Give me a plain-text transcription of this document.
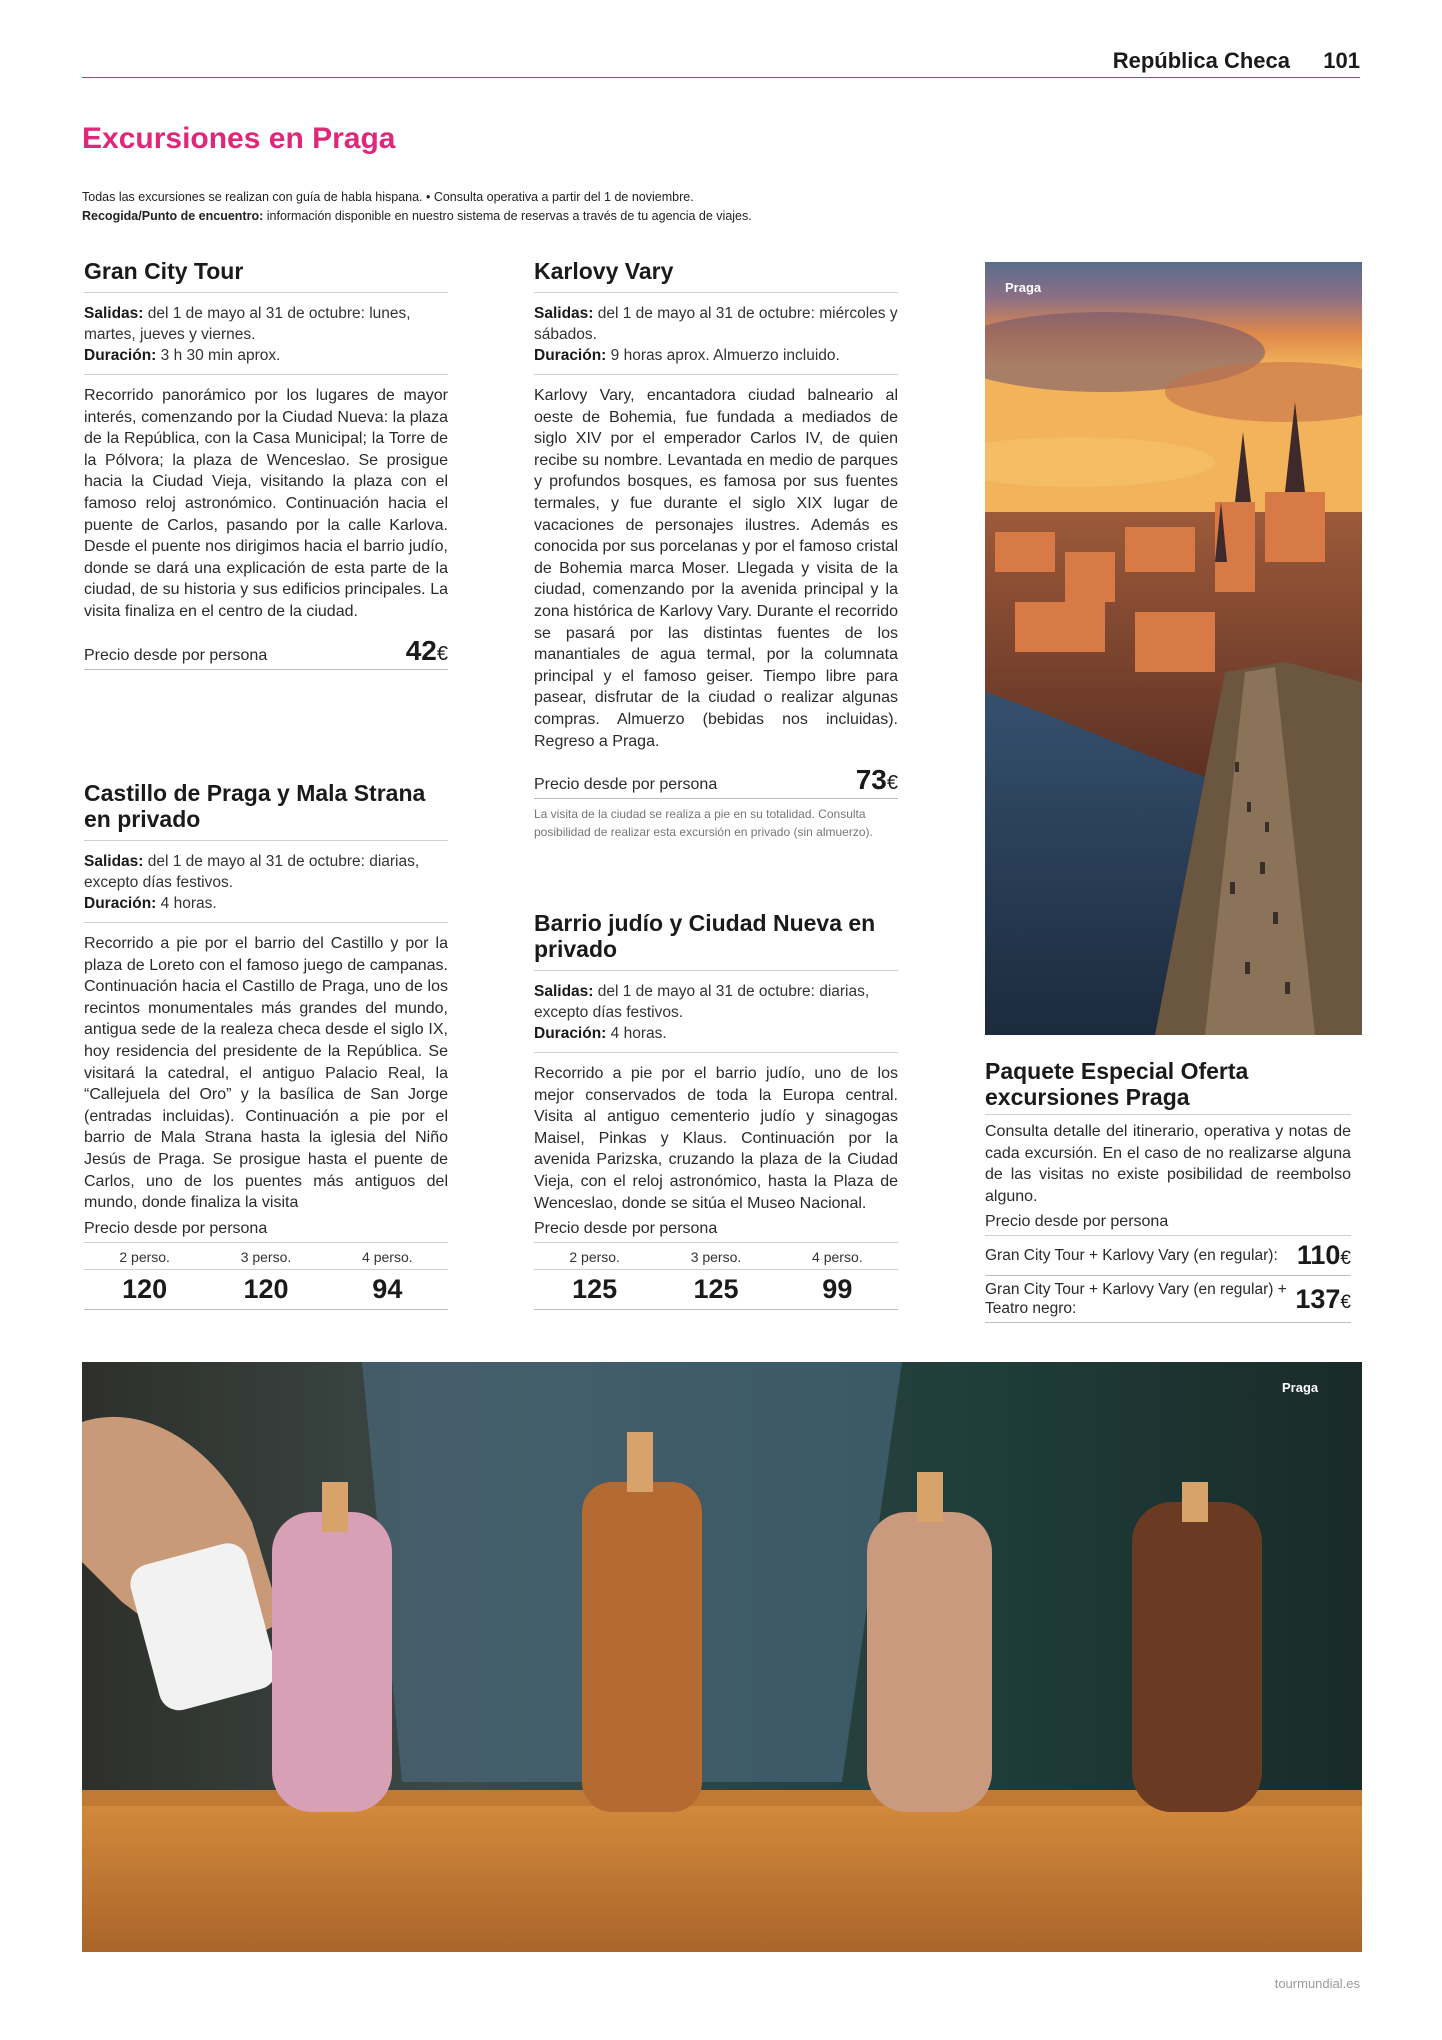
República Checa	101
Excursiones en Praga
Todas las excursiones se realizan con guía de habla hispana. • Consulta operativa a partir del 1 de noviembre.
Recogida/Punto de encuentro: información disponible en nuestro sistema de reservas a través de tu agencia de viajes.
Gran City Tour

Salidas: del 1 de mayo al 31 de octubre: lunes, martes, jueves y viernes.

Duración: 3 h 30 min aprox.

Recorrido panorámico por los lugares de mayor interés, comenzando por la Ciudad Nueva: la plaza de la República, con la Casa Municipal; la Torre de la Pólvora; la plaza de Wenceslao. Se prosigue hacia la Ciudad Vieja, visitando la plaza con el famoso reloj astronómico. Continuación hacia el puente de Carlos, pasando por la calle Karlova. Desde el puente nos dirigimos hacia el barrio judío, donde se dará una explicación de esta parte de la ciudad, de su historia y sus edificios principales. La visita finaliza en el centro de la ciudad.

Precio desde por persona	42€
Castillo de Praga y Mala Strana en privado

Salidas: del 1 de mayo al 31 de octubre: diarias, excepto días festivos.

Duración: 4 horas.

Recorrido a pie por el barrio del Castillo y por la plaza de Loreto con el famoso juego de campanas. Continuación hacia el Castillo de Praga, uno de los recintos monumentales más grandes del mundo, antigua sede de la realeza checa desde el siglo IX, hoy residencia del presidente de la República. Se visitará la catedral, el antiguo Palacio Real, la “Callejuela del Oro” y la basílica de San Jorge (entradas incluidas). Continuación a pie por el barrio de Mala Strana hasta la iglesia del Niño Jesús de Praga. Se prosigue hasta el puente de Carlos, uno de los puentes más antiguos del mundo, donde finaliza la visita

Precio desde por persona
2 perso.	3 perso.	4 perso.
120	120	94
Karlovy Vary

Salidas: del 1 de mayo al 31 de octubre: miércoles y sábados.

Duración: 9 horas aprox. Almuerzo incluido.

Karlovy Vary, encantadora ciudad balneario al oeste de Bohemia, fue fundada a mediados de siglo XIV por el emperador Carlos IV, de quien recibe su nombre. Levantada en medio de parques y profundos bosques, es famosa por sus fuentes termales, y fue durante el siglo XIX lugar de vacaciones de personajes ilustres. Además es conocida por sus porcelanas y por el famoso cristal de Bohemia marca Moser. Llegada y visita de la ciudad, comenzando por la avenida principal y la zona histórica de Karlovy Vary. Durante el recorrido se pasará por las distintas fuentes de los manantiales de agua termal, por la columnata principal y el famoso geiser. Tiempo libre para pasear, disfrutar de la ciudad o realizar algunas compras. Almuerzo (bebidas nos incluidas). Regreso a Praga.

Precio desde por persona	73€
La visita de la ciudad se realiza a pie en su totalidad. Consulta posibilidad de realizar esta excursión en privado (sin almuerzo).
Barrio judío y Ciudad Nueva en privado

Salidas: del 1 de mayo al 31 de octubre: diarias, excepto días festivos.

Duración: 4 horas.

Recorrido a pie por el barrio judío, uno de los mejor conservados de toda la Europa central. Visita al antiguo cementerio judío y sinagogas Maisel, Pinkas y Klaus. Continuación por la avenida Parizska, cruzando la plaza de la Ciudad Vieja, con el reloj astronómico, hasta la Plaza de Wenceslao, donde se sitúa el Museo Nacional.

Precio desde por persona
2 perso.	3 perso.	4 perso.
125	125	99
Praga
Paquete Especial Oferta excursiones Praga

Consulta detalle del itinerario, operativa y notas de cada excursión. En el caso de no realizarse alguna de las visitas no existe posibilidad de reembolso alguno.

Precio desde por persona
Gran City Tour + Karlovy Vary (en regular): 110€
Gran City Tour + Karlovy Vary (en regular) + Teatro negro:	137€
Praga
tourmundial.es
